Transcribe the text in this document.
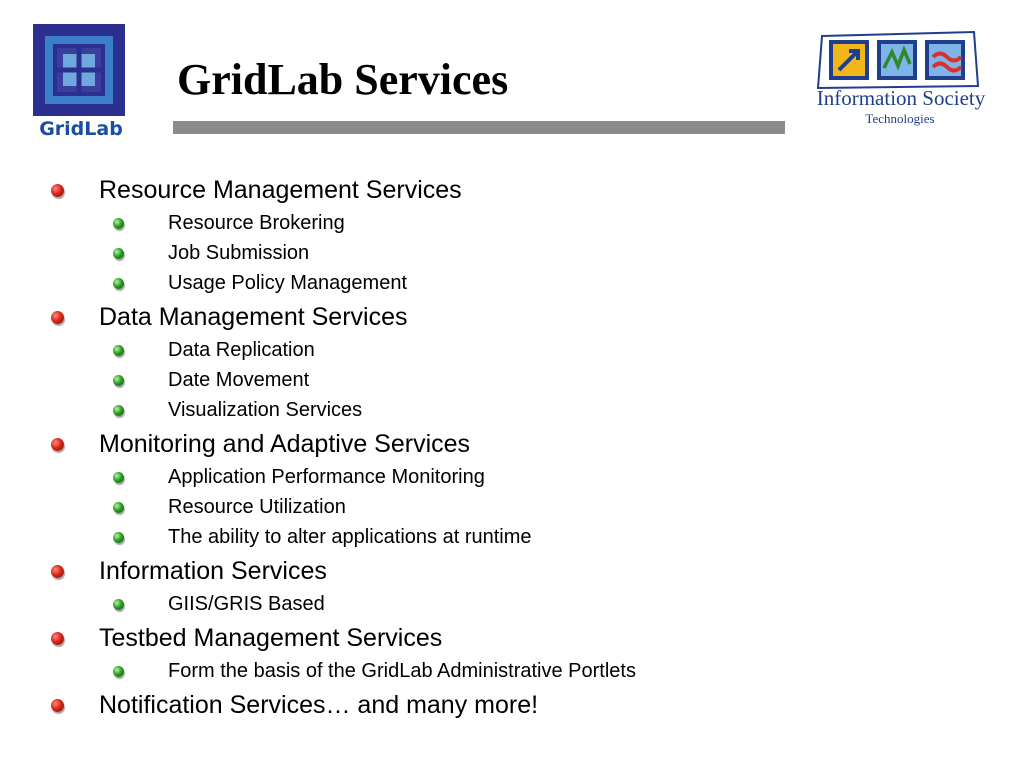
GridLab
GridLab Services	Information Society
Technologies
Resource Management Services
Resource Brokering
Job Submission
Usage Policy Management
Data Management Services
Data Replication
Date Movement
Visualization Services
Monitoring and Adaptive Services
Application Performance Monitoring
Resource Utilization
The ability to alter applications at runtime
Information Services
GIIS/GRIS Based
Testbed Management Services
Form the basis of the GridLab Administrative Portlets
Notification Services… and many more!
